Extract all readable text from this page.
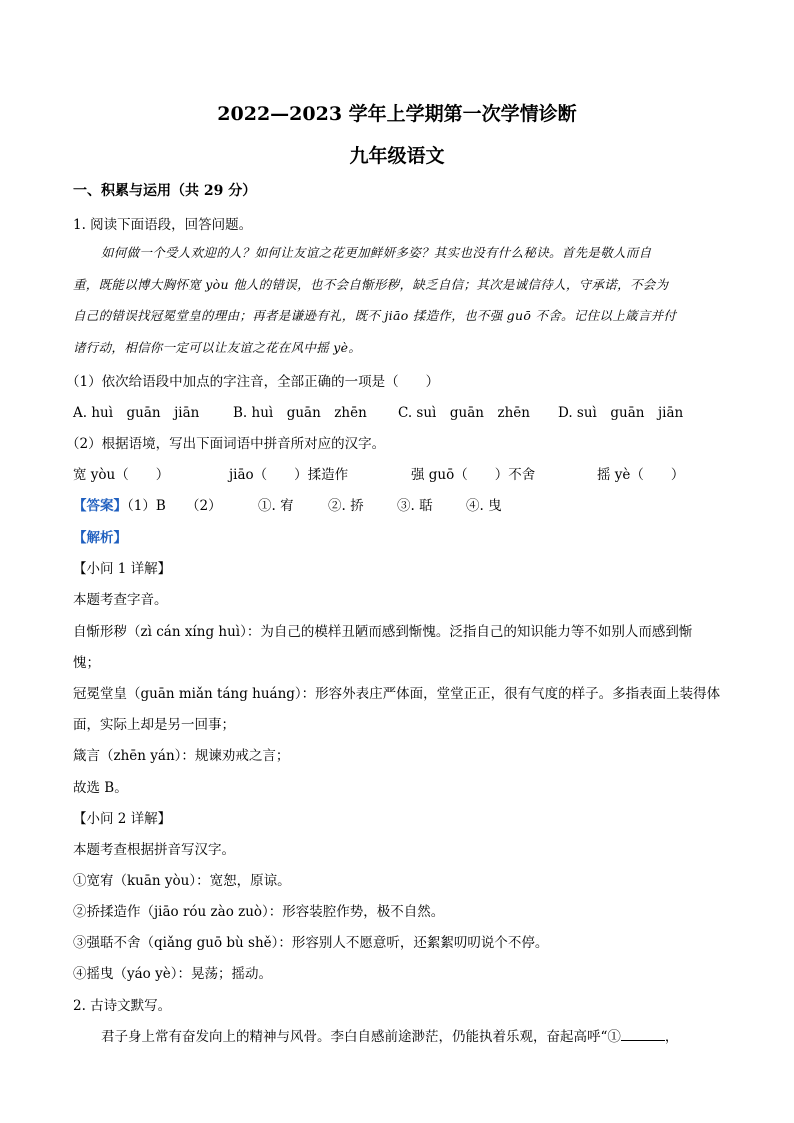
2022—2023 学年上学期第一次学情诊断
九年级语文
一、积累与运用（共 29 分）
1. 阅读下面语段，回答问题。
如何做一个受人欢迎的人？如何让友谊之花更加鲜妍多姿？其实也没有什么秘诀。首先是敬人而自
重，既能以博大胸怀宽 yòu 他人的错误，也不会自惭形秽，缺乏自信；其次是诚信待人，守承诺，不会为
自己的错误找冠冕堂皇的理由；再者是谦逊有礼，既不 jiāo 揉造作，也不强 guō 不舍。记住以上箴言并付
诸行动，相信你一定可以让友谊之花在风中摇 yè。
（1）依次给语段中加点的字注音，全部正确的一项是（　　）
A. huì　guān　jiān B. huì　guān　zhēn C. suì　guān　zhēn D. suì　guān　jiān
（2）根据语境，写出下面词语中拼音所对应的汉字。
宽 yòu（　　）	jiāo（　　）揉造作	强 guō（　　）不舍	摇 yè（　　）
【答案】（1）B　　（2）	①. 宥	②. 挢 ③. 聒 ④. 曳
【解析】
【小问 1 详解】
本题考查字音。
自惭形秽（zì cán xíng huì）：为自己的模样丑陋而感到惭愧。泛指自己的知识能力等不如别人而感到惭
愧；
冠冕堂皇（guān miǎn táng huáng）：形容外表庄严体面，堂堂正正，很有气度的样子。多指表面上装得体
面，实际上却是另一回事；
箴言（zhēn yán）：规谏劝戒之言；
故选 B。
【小问 2 详解】
本题考查根据拼音写汉字。
①宽宥（kuān yòu）：宽恕，原谅。
②挢揉造作（jiāo róu zào zuò）：形容装腔作势，极不自然。
③强聒不舍（qiǎng guō bù shě）：形容别人不愿意听，还絮絮叨叨说个不停。
④摇曳（yáo yè）：晃荡；摇动。
2. 古诗文默写。
君子身上常有奋发向上的精神与风骨。李白自感前途渺茫，仍能执着乐观，奋起高呼“①	，
